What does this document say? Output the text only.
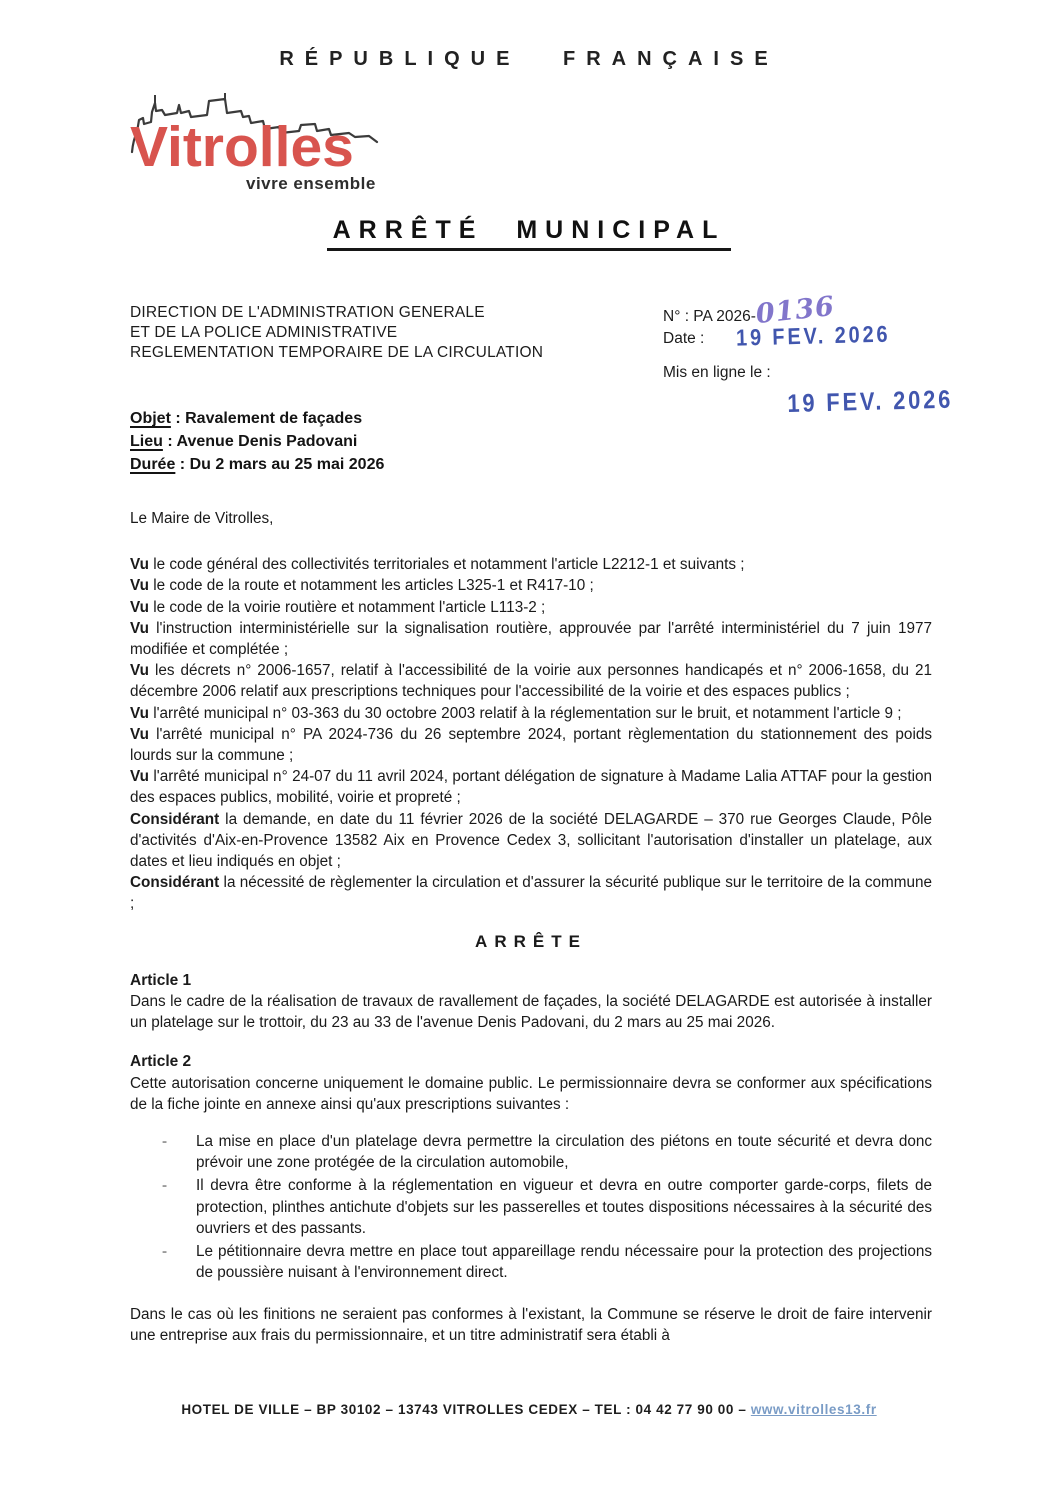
RÉPUBLIQUE FRANÇAISE
Vitrolles
vivre ensemble
ARRÊTÉ MUNICIPAL
DIRECTION DE L'ADMINISTRATION GENERALE
ET DE LA POLICE ADMINISTRATIVE
REGLEMENTATION TEMPORAIRE DE LA CIRCULATION
N° : PA 2026-0136
Date : 19 FEV. 2026
Mis en ligne le :
19 FEV. 2026
Objet : Ravalement de façades
Lieu : Avenue Denis Padovani
Durée : Du 2 mars au 25 mai 2026

Le Maire de Vitrolles,

Vu le code général des collectivités territoriales et notamment l'article L2212-1 et suivants ;

Vu le code de la route et notamment les articles L325-1 et R417-10 ;

Vu le code de la voirie routière et notamment l'article L113-2 ;

Vu l'instruction interministérielle sur la signalisation routière, approuvée par l'arrêté interministériel du 7 juin 1977 modifiée et complétée ;

Vu les décrets n° 2006-1657, relatif à l'accessibilité de la voirie aux personnes handicapés et n° 2006-1658, du 21 décembre 2006 relatif aux prescriptions techniques pour l'accessibilité de la voirie et des espaces publics ;

Vu l'arrêté municipal n° 03-363 du 30 octobre 2003 relatif à la réglementation sur le bruit, et notamment l'article 9 ;

Vu l'arrêté municipal n° PA 2024-736 du 26 septembre 2024, portant règlementation du stationnement des poids lourds sur la commune ;

Vu l'arrêté municipal n° 24-07 du 11 avril 2024, portant délégation de signature à Madame Lalia ATTAF pour la gestion des espaces publics, mobilité, voirie et propreté ;

Considérant la demande, en date du 11 février 2026 de la société DELAGARDE – 370 rue Georges Claude, Pôle d'activités d'Aix-en-Provence 13582 Aix en Provence Cedex 3, sollicitant l'autorisation d'installer un platelage, aux dates et lieu indiqués en objet ;

Considérant la nécessité de règlementer la circulation et d'assurer la sécurité publique sur le territoire de la commune ;

ARRÊTE

Article 1

Dans le cadre de la réalisation de travaux de ravallement de façades, la société DELAGARDE est autorisée à installer un platelage sur le trottoir, du 23 au 33 de l'avenue Denis Padovani, du 2 mars au 25 mai 2026.

Article 2

Cette autorisation concerne uniquement le domaine public. Le permissionnaire devra se conformer aux spécifications de la fiche jointe en annexe ainsi qu'aux prescriptions suivantes :

- La mise en place d'un platelage devra permettre la circulation des piétons en toute sécurité et devra donc prévoir une zone protégée de la circulation automobile,
- Il devra être conforme à la réglementation en vigueur et devra en outre comporter garde-corps, filets de protection, plinthes antichute d'objets sur les passerelles et toutes dispositions nécessaires à la sécurité des ouvriers et des passants.
- Le pétitionnaire devra mettre en place tout appareillage rendu nécessaire pour la protection des projections de poussière nuisant à l'environnement direct.

Dans le cas où les finitions ne seraient pas conformes à l'existant, la Commune se réserve le droit de faire intervenir une entreprise aux frais du permissionnaire, et un titre administratif sera établi à

HOTEL DE VILLE – BP 30102 – 13743 VITROLLES CEDEX – TEL : 04 42 77 90 00 – www.vitrolles13.fr
